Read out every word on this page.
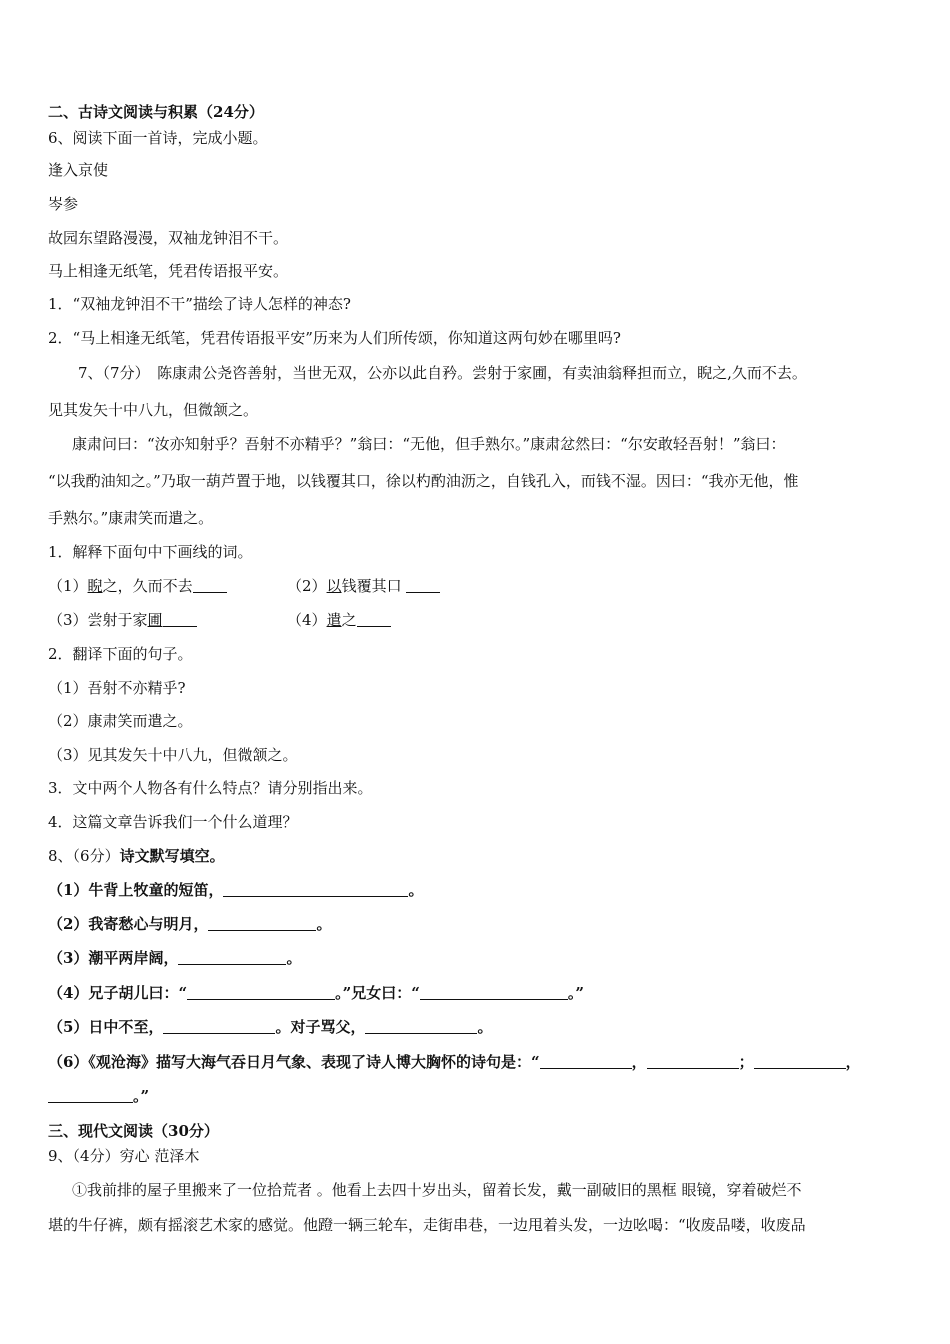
二、古诗文阅读与积累（24分）
6、阅读下面一首诗，完成小题。
逢入京使
岑参
故园东望路漫漫，双袖龙钟泪不干。
马上相逢无纸笔，凭君传语报平安。
1．“双袖龙钟泪不干”描绘了诗人怎样的神态?
2．“马上相逢无纸笔，凭君传语报平安”历来为人们所传颂，你知道这两句妙在哪里吗?
7、（7分）　陈康肃公尧咨善射，当世无双，公亦以此自矜。尝射于家圃，有卖油翁释担而立，睨之,久而不去。
见其发矢十中八九，但微颔之。
康肃问曰：“汝亦知射乎？吾射不亦精乎？”翁曰：“无他，但手熟尔。”康肃忿然曰：“尔安敢轻吾射！”翁曰：
“以我酌油知之。”乃取一葫芦置于地，以钱覆其口，徐以杓酌油沥之，自钱孔入，而钱不湿。因曰：“我亦无他，惟
手熟尔。”康肃笑而遣之。
1．解释下面句中下画线的词。
（1）睨之，久而不去	（2）以钱覆其口
（3）尝射于家圃	（4）遣之
2．翻译下面的句子。
（1）吾射不亦精乎?
（2）康肃笑而遣之。
（3）见其发矢十中八九，但微颔之。
3．文中两个人物各有什么特点？请分别指出来。
4．这篇文章告诉我们一个什么道理？
8、（6分）诗文默写填空。
（1）牛背上牧童的短笛，	。
（2）我寄愁心与明月，	。
（3）潮平两岸阔，	。
（4）兄子胡儿曰：“	。”兄女曰：“	。”
（5）日中不至，	。对子骂父，	。
（6）《观沧海》描写大海气吞日月气象、表现了诗人博大胸怀的诗句是：“	，	；	，
。”
三、现代文阅读（30分）
9、（4分）穷心 范泽木
①我前排的屋子里搬来了一位拾荒者 。他看上去四十岁出头，留着长发，戴一副破旧的黑框 眼镜，穿着破烂不
堪的牛仔裤，颇有摇滚艺术家的感觉。他蹬一辆三轮车，走街串巷，一边甩着头发，一边吆喝：“收废品喽，收废品
